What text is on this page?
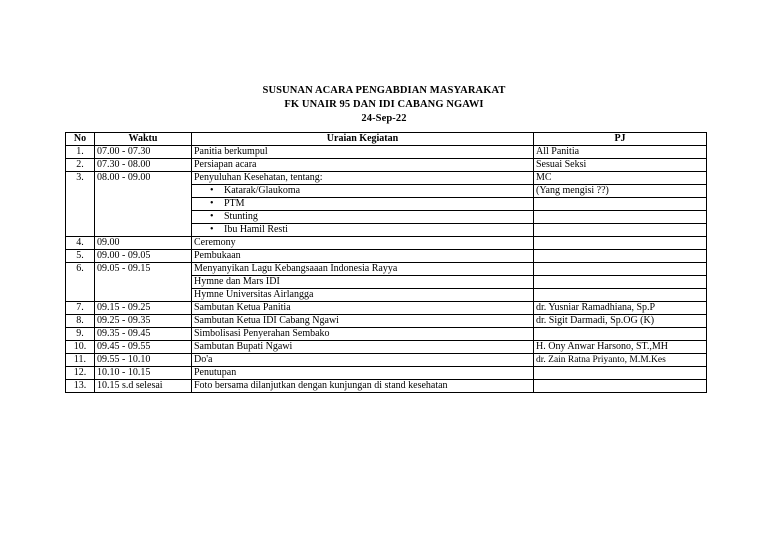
SUSUNAN ACARA PENGABDIAN MASYARAKAT
FK UNAIR 95 DAN IDI CABANG NGAWI
24-Sep-22
No	Waktu	Uraian Kegiatan	PJ
1.	07.00 - 07.30	Panitia berkumpul	All Panitia
2.	07.30 - 08.00	Persiapan acara	Sesuai Seksi
3.	08.00 - 09.00	Penyuluhan Kesehatan, tentang:	MC
		• Katarak/Glaukoma	(Yang mengisi ??)
		• PTM	
		• Stunting	
		• Ibu Hamil Resti	
4.	09.00	Ceremony	
5.	09.00 - 09.05	Pembukaan	
6.	09.05 - 09.15	Menyanyikan Lagu Kebangsaaan Indonesia Rayya	
		Hymne dan Mars IDI	
		Hymne Universitas Airlangga	
7.	09.15 - 09.25	Sambutan Ketua Panitia	dr. Yusniar Ramadhiana, Sp.P
8.	09.25 - 09.35	Sambutan Ketua IDI Cabang Ngawi	dr. Sigit Darmadi, Sp.OG (K)
9.	09.35 - 09.45	Simbolisasi Penyerahan Sembako	
10.	09.45 - 09.55	Sambutan Bupati Ngawi	H. Ony Anwar Harsono, ST.,MH
11.	09.55 - 10.10	Do'a	dr. Zain Ratna Priyanto, M.M.Kes
12.	10.10 - 10.15	Penutupan	
13.	10.15 s.d selesai	Foto bersama dilanjutkan dengan kunjungan di stand kesehatan	
